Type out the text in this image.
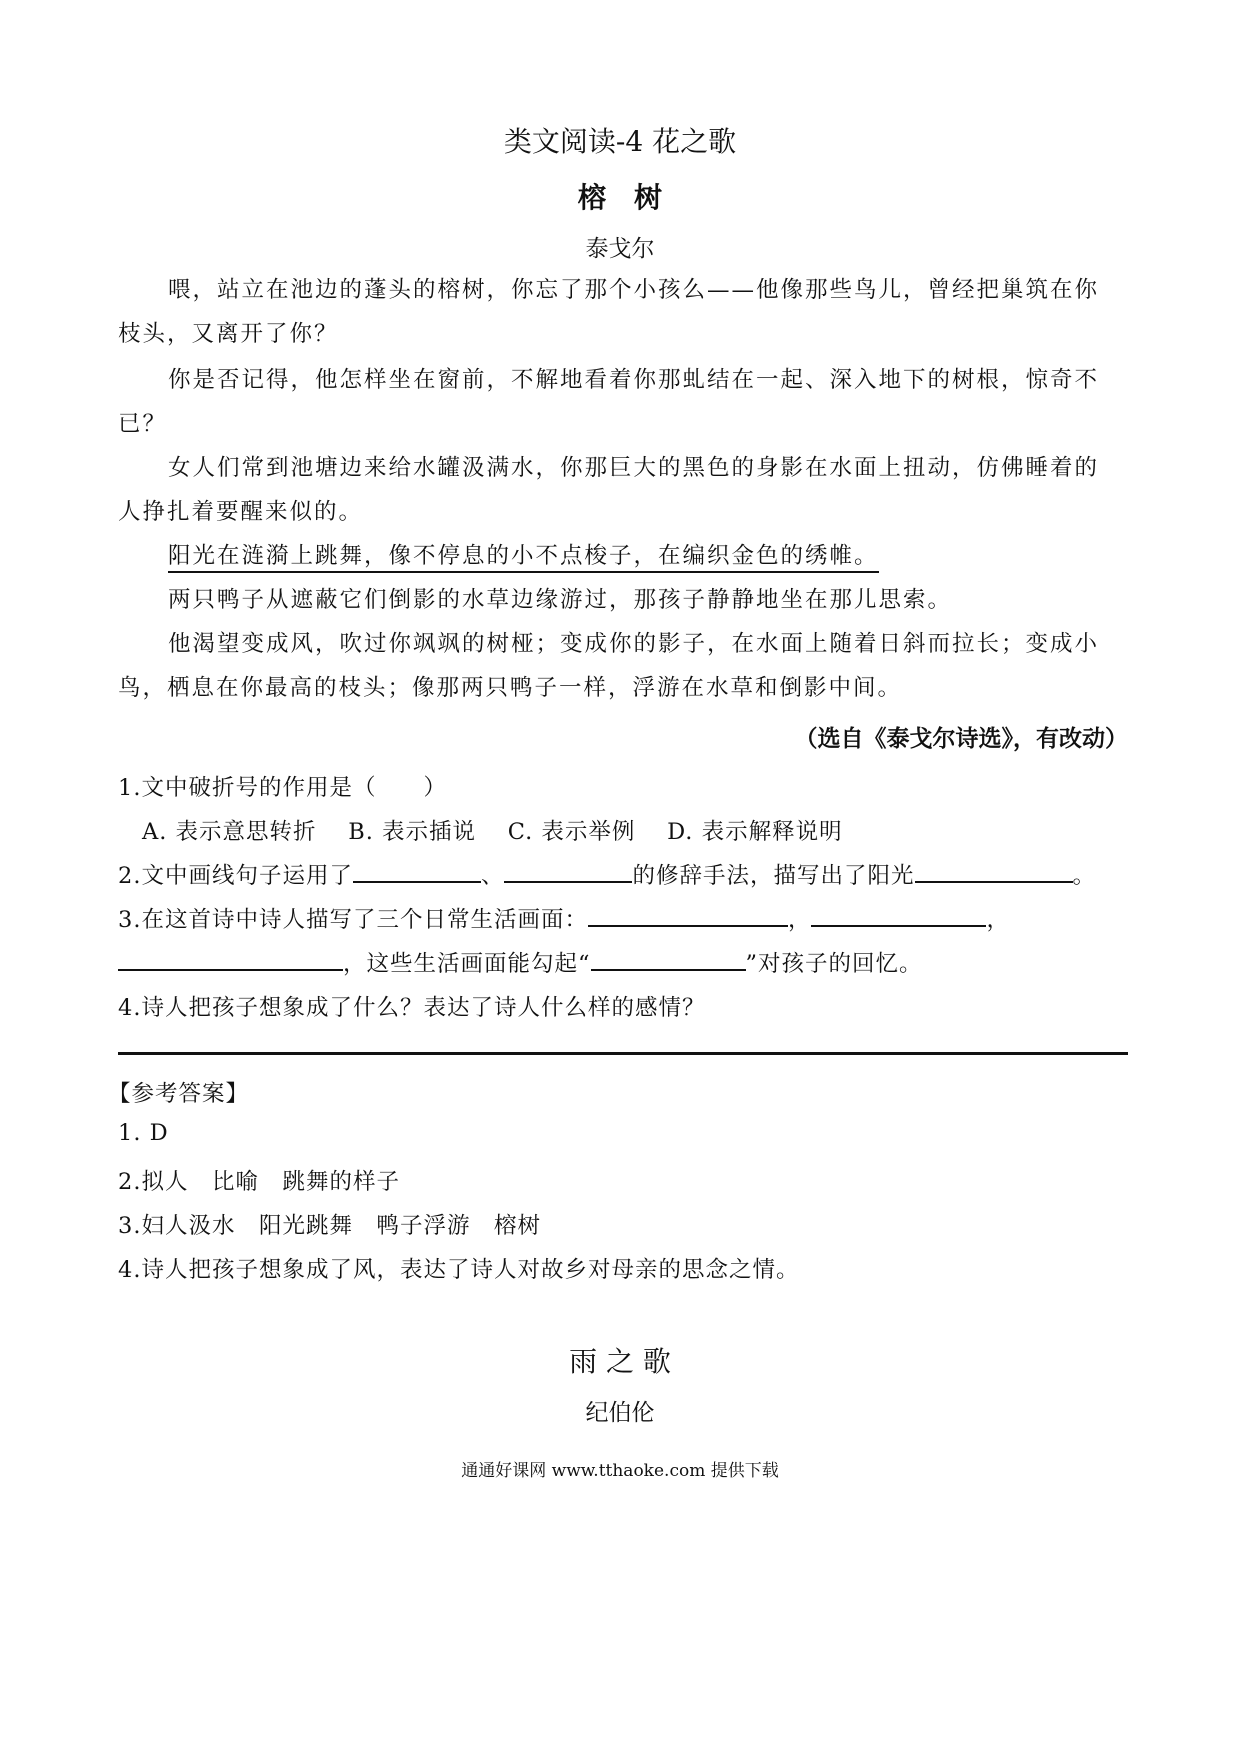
类文阅读-4 花之歌
榕　树
泰戈尔
喂，站立在池边的蓬头的榕树，你忘了那个小孩么——他像那些鸟儿，曾经把巢筑在你
枝头，又离开了你？
你是否记得，他怎样坐在窗前，不解地看着你那虬结在一起、深入地下的树根，惊奇不
已？
女人们常到池塘边来给水罐汲满水，你那巨大的黑色的身影在水面上扭动，仿佛睡着的
人挣扎着要醒来似的。
阳光在涟漪上跳舞，像不停息的小不点梭子，在编织金色的绣帷。
两只鸭子从遮蔽它们倒影的水草边缘游过，那孩子静静地坐在那儿思索。
他渴望变成风，吹过你飒飒的树桠；变成你的影子，在水面上随着日斜而拉长；变成小
鸟，栖息在你最高的枝头；像那两只鸭子一样，浮游在水草和倒影中间。
（选自《泰戈尔诗选》，有改动）
1.文中破折号的作用是（　　）
A. 表示意思转折　 B. 表示插说　 C. 表示举例　 D. 表示解释说明
2.文中画线句子运用了	、	的修辞手法，描写出了阳光	。
3.在这首诗中诗人描写了三个日常生活画面：	，	，
，这些生活画面能勾起“	”对孩子的回忆。
4.诗人把孩子想象成了什么？表达了诗人什么样的感情？
【参考答案】
1. D
2.拟人　比喻　跳舞的样子
3.妇人汲水　阳光跳舞　鸭子浮游　榕树
4.诗人把孩子想象成了风，表达了诗人对故乡对母亲的思念之情。
雨 之 歌
纪伯伦
通通好课网 www.tthaoke.com 提供下载
